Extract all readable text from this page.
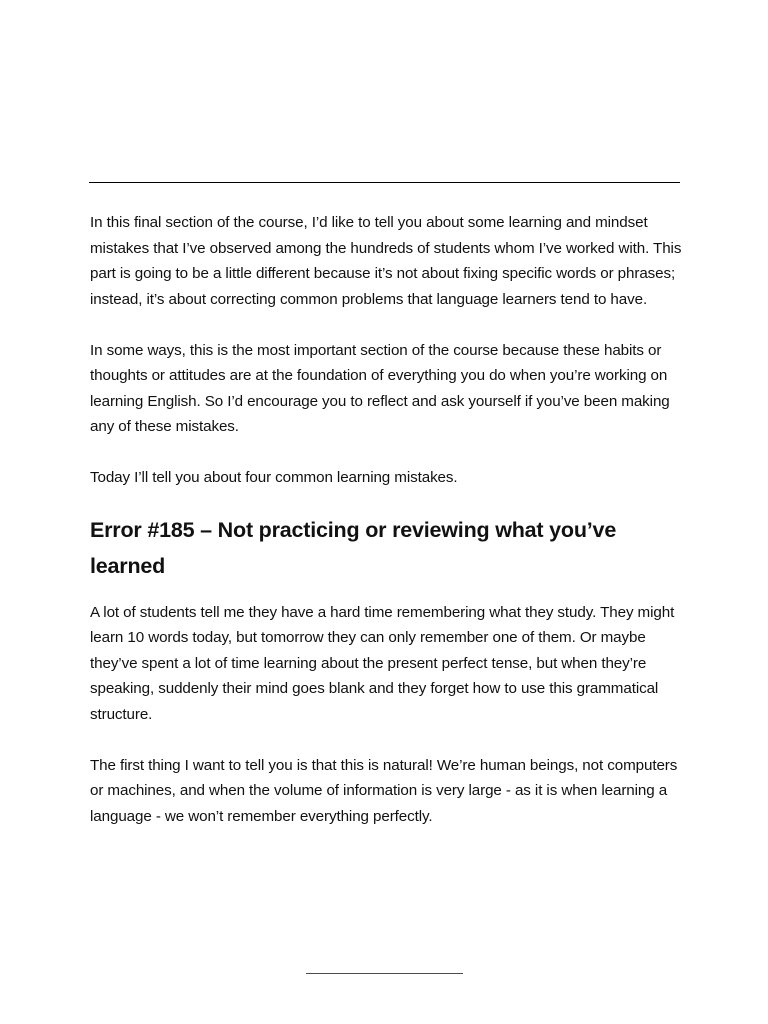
In this final section of the course, I’d like to tell you about some learning and mindset mistakes that I’ve observed among the hundreds of students whom I’ve worked with. This part is going to be a little different because it’s not about fixing specific words or phrases; instead, it’s about correcting common problems that language learners tend to have.

In some ways, this is the most important section of the course because these habits or thoughts or attitudes are at the foundation of everything you do when you’re working on learning English. So I’d encourage you to reflect and ask yourself if you’ve been making any of these mistakes.

Today I’ll tell you about four common learning mistakes.

Error #185 – Not practicing or reviewing what you’ve learned

A lot of students tell me they have a hard time remembering what they study. They might learn 10 words today, but tomorrow they can only remember one of them. Or maybe they’ve spent a lot of time learning about the present perfect tense, but when they’re speaking, suddenly their mind goes blank and they forget how to use this grammatical structure.

The first thing I want to tell you is that this is natural! We’re human beings, not computers or machines, and when the volume of information is very large - as it is when learning a language - we won’t remember everything perfectly.
